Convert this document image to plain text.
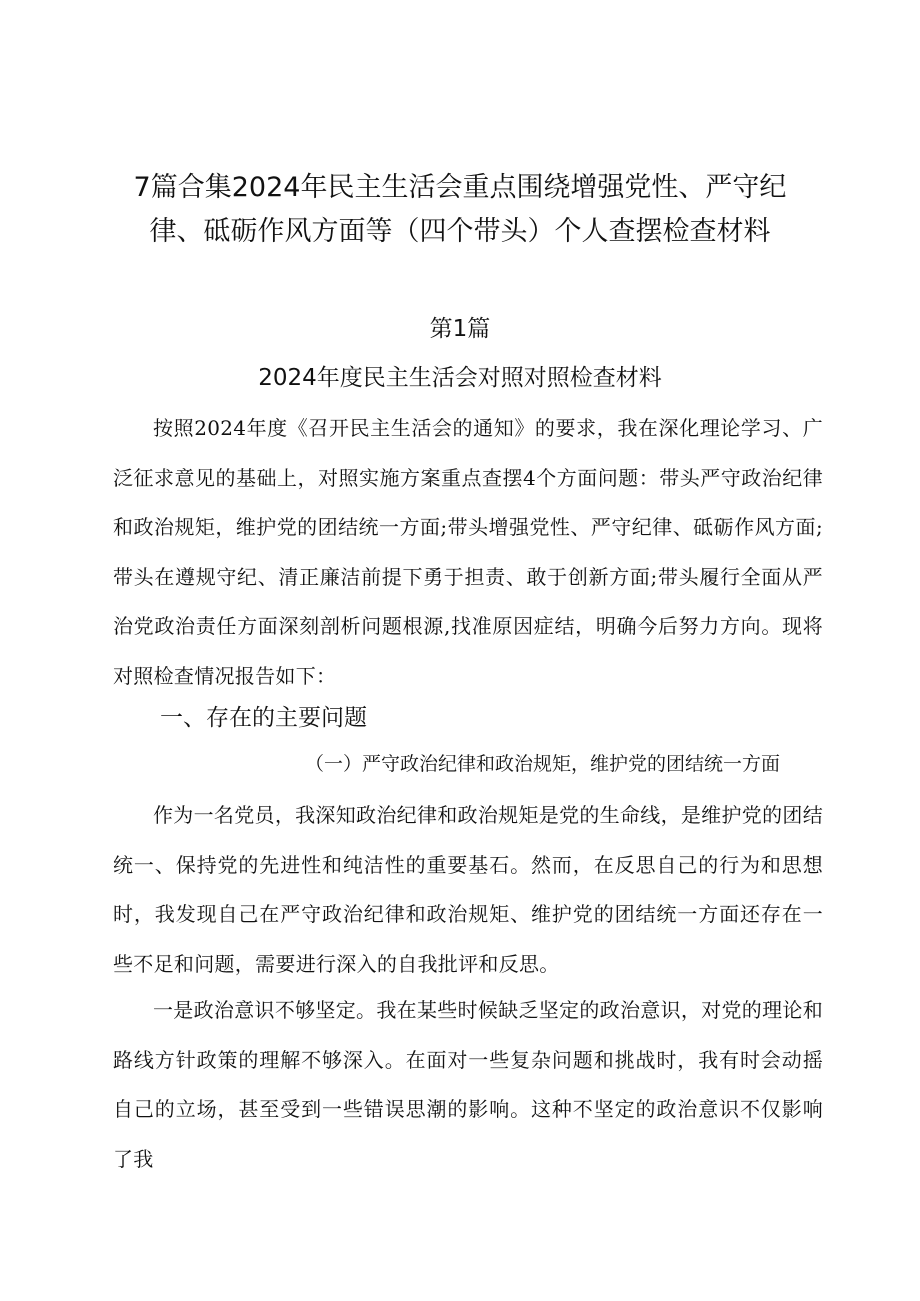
7篇合集2024年民主生活会重点围绕增强党性、严守纪
律、砥砺作风方面等（四个带头）个人查摆检查材料
第1篇
2024年度民主生活会对照对照检查材料

按照2024年度《召开民主生活会的通知》的要求，我在深化理论学习、广泛征求意见的基础上，对照实施方案重点查摆4个方面问题：带头严守政治纪律和政治规矩，维护党的团结统一方面;带头增强党性、严守纪律、砥砺作风方面;带头在遵规守纪、清正廉洁前提下勇于担责、敢于创新方面;带头履行全面从严治党政治责任方面深刻剖析问题根源,找准原因症结，明确今后努力方向。现将对照检查情况报告如下：

一、存在的主要问题
（一）严守政治纪律和政治规矩，维护党的团结统一方面

作为一名党员，我深知政治纪律和政治规矩是党的生命线，是维护党的团结统一、保持党的先进性和纯洁性的重要基石。然而，在反思自己的行为和思想时，我发现自己在严守政治纪律和政治规矩、维护党的团结统一方面还存在一些不足和问题，需要进行深入的自我批评和反思。

一是政治意识不够坚定。我在某些时候缺乏坚定的政治意识，对党的理论和路线方针政策的理解不够深入。在面对一些复杂问题和挑战时，我有时会动摇自己的立场，甚至受到一些错误思潮的影响。这种不坚定的政治意识不仅影响了我
